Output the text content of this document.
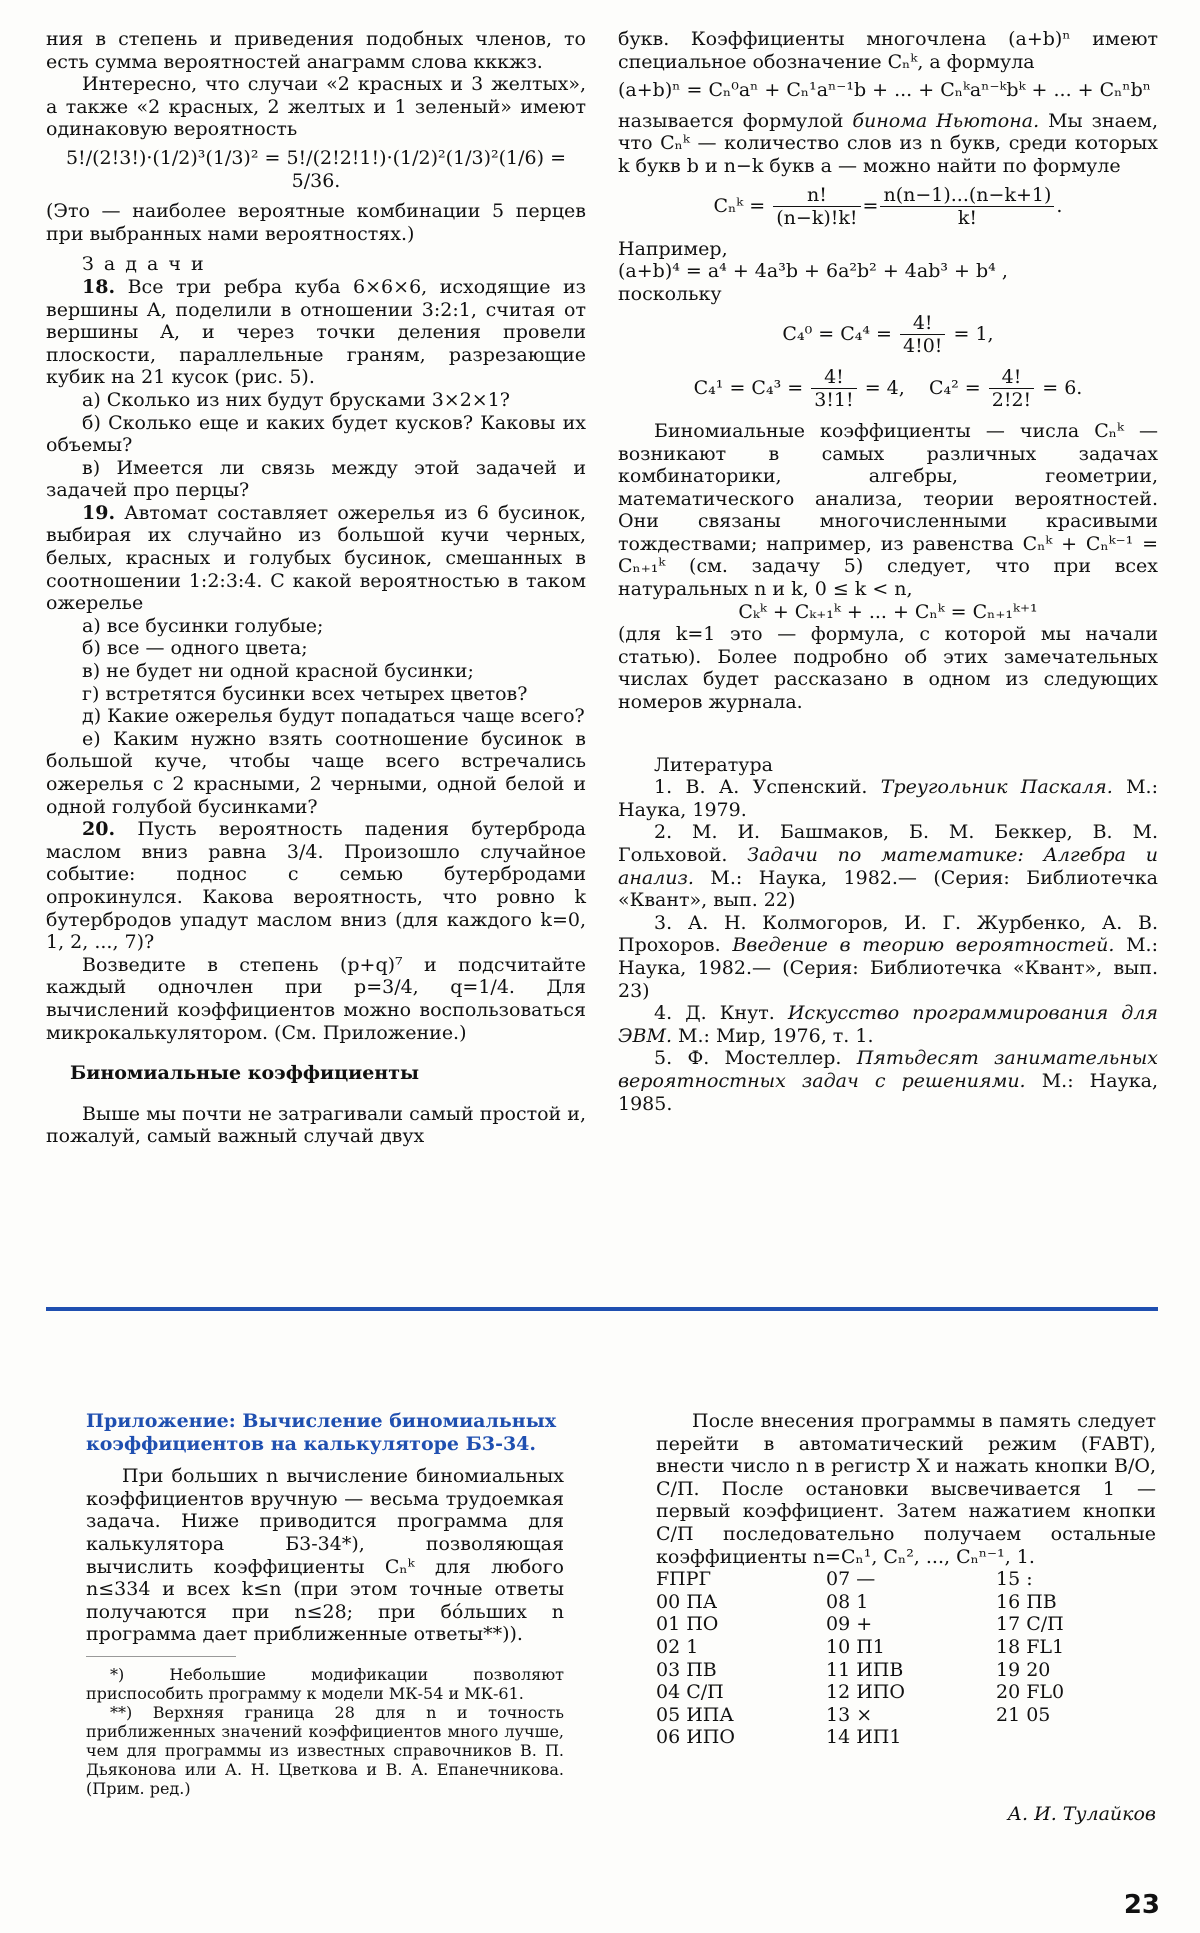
ния в степень и приведения подобных членов, то есть сумма вероятностей анаграмм слова кккжз.

Интересно, что случаи «2 красных и 3 желтых», а также «2 красных, 2 желтых и 1 зеленый» имеют одинаковую вероятность

5!/(2!3!)·(1/2)³(1/3)² = 5!/(2!2!1!)·(1/2)²(1/3)²(1/6) = 5/36.

(Это — наиболее вероятные комбинации 5 перцев при выбранных нами вероятностях.)

З а д а ч и

18. Все три ребра куба 6×6×6, исходящие из вершины A, поделили в отношении 3:2:1, считая от вершины A, и через точки деления провели плоскости, параллельные граням, разрезающие кубик на 21 кусок (рис. 5).

а) Сколько из них будут брусками 3×2×1?

б) Сколько еще и каких будет кусков? Каковы их объемы?

в) Имеется ли связь между этой задачей и задачей про перцы?

19. Автомат составляет ожерелья из 6 бусинок, выбирая их случайно из большой кучи черных, белых, красных и голубых бусинок, смешанных в соотношении 1:2:3:4. С какой вероятностью в таком ожерелье

а) все бусинки голубые;

б) все — одного цвета;

в) не будет ни одной красной бусинки;

г) встретятся бусинки всех четырех цветов?

д) Какие ожерелья будут попадаться чаще всего?

е) Каким нужно взять соотношение бусинок в большой куче, чтобы чаще всего встречались ожерелья с 2 красными, 2 черными, одной белой и одной голубой бусинками?

20. Пусть вероятность падения бутерброда маслом вниз равна 3/4. Произошло случайное событие: поднос с семью бутербродами опрокинулся. Какова вероятность, что ровно k бутербродов упадут маслом вниз (для каждого k=0, 1, 2, ..., 7)?

Возведите в степень (p+q)⁷ и подсчитайте каждый одночлен при p=3/4, q=1/4. Для вычислений коэффициентов можно воспользоваться микрокалькулятором. (См. Приложение.)

Биномиальные коэффициенты

Выше мы почти не затрагивали самый простой и, пожалуй, самый важный случай двух

букв. Коэффициенты многочлена (a+b)ⁿ имеют специальное обозначение Cₙᵏ, а формула

(a+b)ⁿ = Cₙ⁰aⁿ + Cₙ¹aⁿ⁻¹b + ... + Cₙᵏaⁿ⁻ᵏbᵏ + ... + Cₙⁿbⁿ

называется формулой бинома Ньютона. Мы знаем, что Cₙᵏ — количество слов из n букв, среди которых k букв b и n−k букв a — можно найти по формуле

Cₙᵏ = $\frac{n!}{(n-k)!k!} = \frac{n(n-1)...(n-k+1)}{k!}$ .

Например,

(a+b)⁴ = a⁴ + 4a³b + 6a²b² + 4ab³ + b⁴ ,

поскольку

$C_4^0 = C_4^4 = \frac{4!}{4!0!} = 1$,
$C_4^1 = C_4^3 = \frac{4!}{3!1!} = 4$, $C_4^2 = \frac{4!}{2!2!} = 6$.

Биномиальные коэффициенты — числа Cₙᵏ — возникают в самых различных задачах комбинаторики, алгебры, геометрии, математического анализа, теории вероятностей. Они связаны многочисленными красивыми тождествами; например, из равенства Cₙᵏ + Cₙᵏ⁻¹ = Cₙ₊₁ᵏ (см. задачу 5) следует, что при всех натуральных n и k, 0 ≤ k < n,

Cₖᵏ + Cₖ₊₁ᵏ + ... + Cₙᵏ = Cₙ₊₁ᵏ⁺¹

(для k=1 это — формула, с которой мы начали статью). Более подробно об этих замечательных числах будет рассказано в одном из следующих номеров журнала.

Литература

1. В. А. Успенский. Треугольник Паскаля. М.: Наука, 1979.

2. М. И. Башмаков, Б. М. Беккер, В. М. Гольховой. Задачи по математике: Алгебра и анализ. М.: Наука, 1982.— (Серия: Библиотечка «Квант», вып. 22)

3. А. Н. Колмогоров, И. Г. Журбенко, А. В. Прохоров. Введение в теорию вероятностей. М.: Наука, 1982.— (Серия: Библиотечка «Квант», вып. 23)

4. Д. Кнут. Искусство программирования для ЭВМ. М.: Мир, 1976, т. 1.

5. Ф. Мостеллер. Пятьдесят занимательных вероятностных задач с решениями. М.: Наука, 1985.

Приложение: Вычисление биномиальных коэффициентов на калькуляторе Б3-34.

При больших n вычисление биномиальных коэффициентов вручную — весьма трудоемкая задача. Ниже приводится программа для калькулятора Б3-34*), позволяющая вычислить коэффициенты Cₙᵏ для любого n≤334 и всех k≤n (при этом точные ответы получаются при n≤28; при бóльших n программа дает приближенные ответы**)).

*) Небольшие модификации позволяют приспособить программу к модели МК-54 и МК-61.

**) Верхняя граница 28 для n и точность приближенных значений коэффициентов много лучше, чем для программы из известных справочников В. П. Дьяконова или А. Н. Цветкова и В. А. Епанечникова. (Прим. ред.)

После внесения программы в память следует перейти в автоматический режим (FАВТ), внести число n в регистр X и нажать кнопки В/О, С/П. После остановки высвечивается 1 — первый коэффициент. Затем нажатием кнопки С/П последовательно получаем остальные коэффициенты n=Cₙ¹, Cₙ², ..., Cₙⁿ⁻¹, 1.

FПРГ	07 —	15 :
00 ПА	08 1	16 ПВ
01 ПО	09 +	17 С/П
02 1	10 П1	18 FL1
03 ПВ	11 ИПВ	19 20
04 С/П	12 ИПО	20 FL0
05 ИПА	13 ×	21 05
06 ИПО	14 ИП1
А. И. Тулайков
23
